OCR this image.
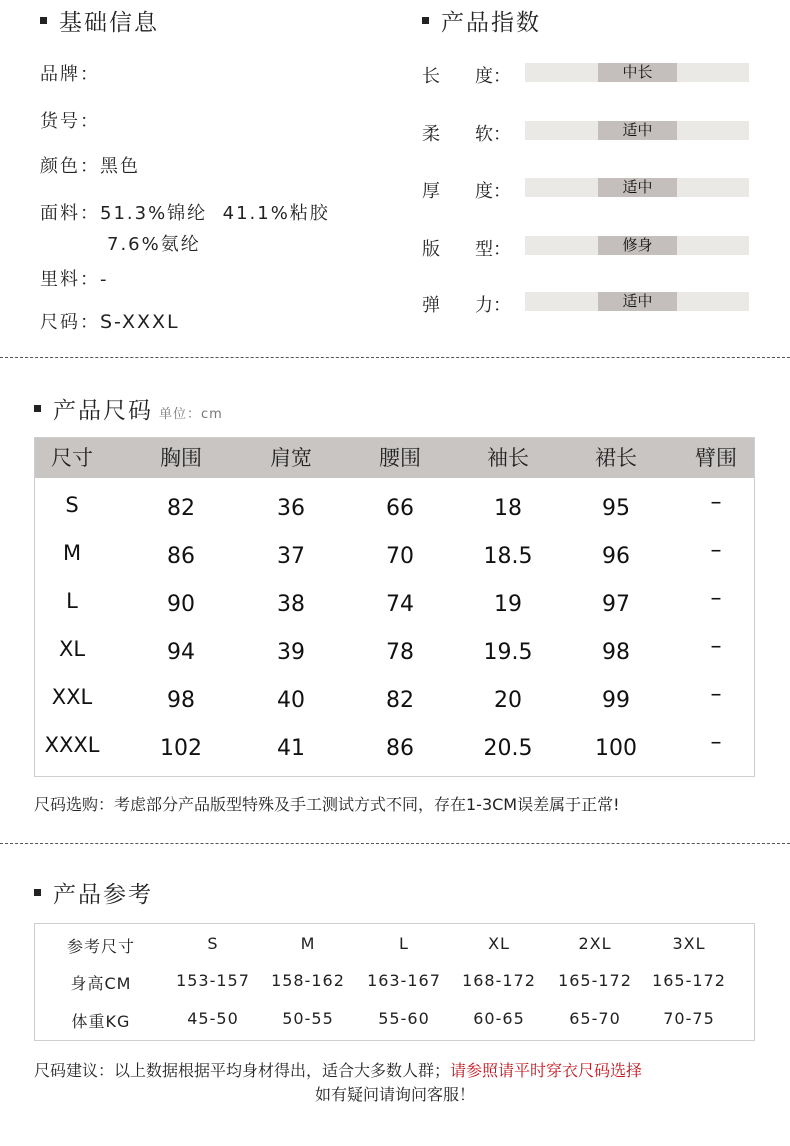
基础信息
品牌：
货号：
颜色：黑色
面料：51.3%锦纶  41.1%粘胶
7.6%氨纶
里料：-
尺码：S-XXXL
产品指数
长 度：	中长
柔 软：	适中
厚 度：	适中
版 型：	修身
弹 力：	适中
产品尺码 单位：cm
尺寸	胸围	肩宽	腰围	袖长	裙长	臂围
S	82	36	66	18	95	–
M	86	37	70	18.5	96	–
L	90	38	74	19	97	–
XL	94	39	78	19.5	98	–
XXL	98	40	82	20	99	–
XXXL	102	41	86	20.5	100	–
尺码选购：考虑部分产品版型特殊及手工测试方式不同，存在1-3CM误差属于正常!
产品参考
参考尺寸	S	M	L	XL	2XL	3XL
身高CM	153-157	158-162	163-167	168-172	165-172	165-172
体重KG	45-50	50-55	55-60	60-65	65-70	70-75
尺码建议：以上数据根据平均身材得出，适合大多数人群；请参照请平时穿衣尺码选择
如有疑问请询问客服！
